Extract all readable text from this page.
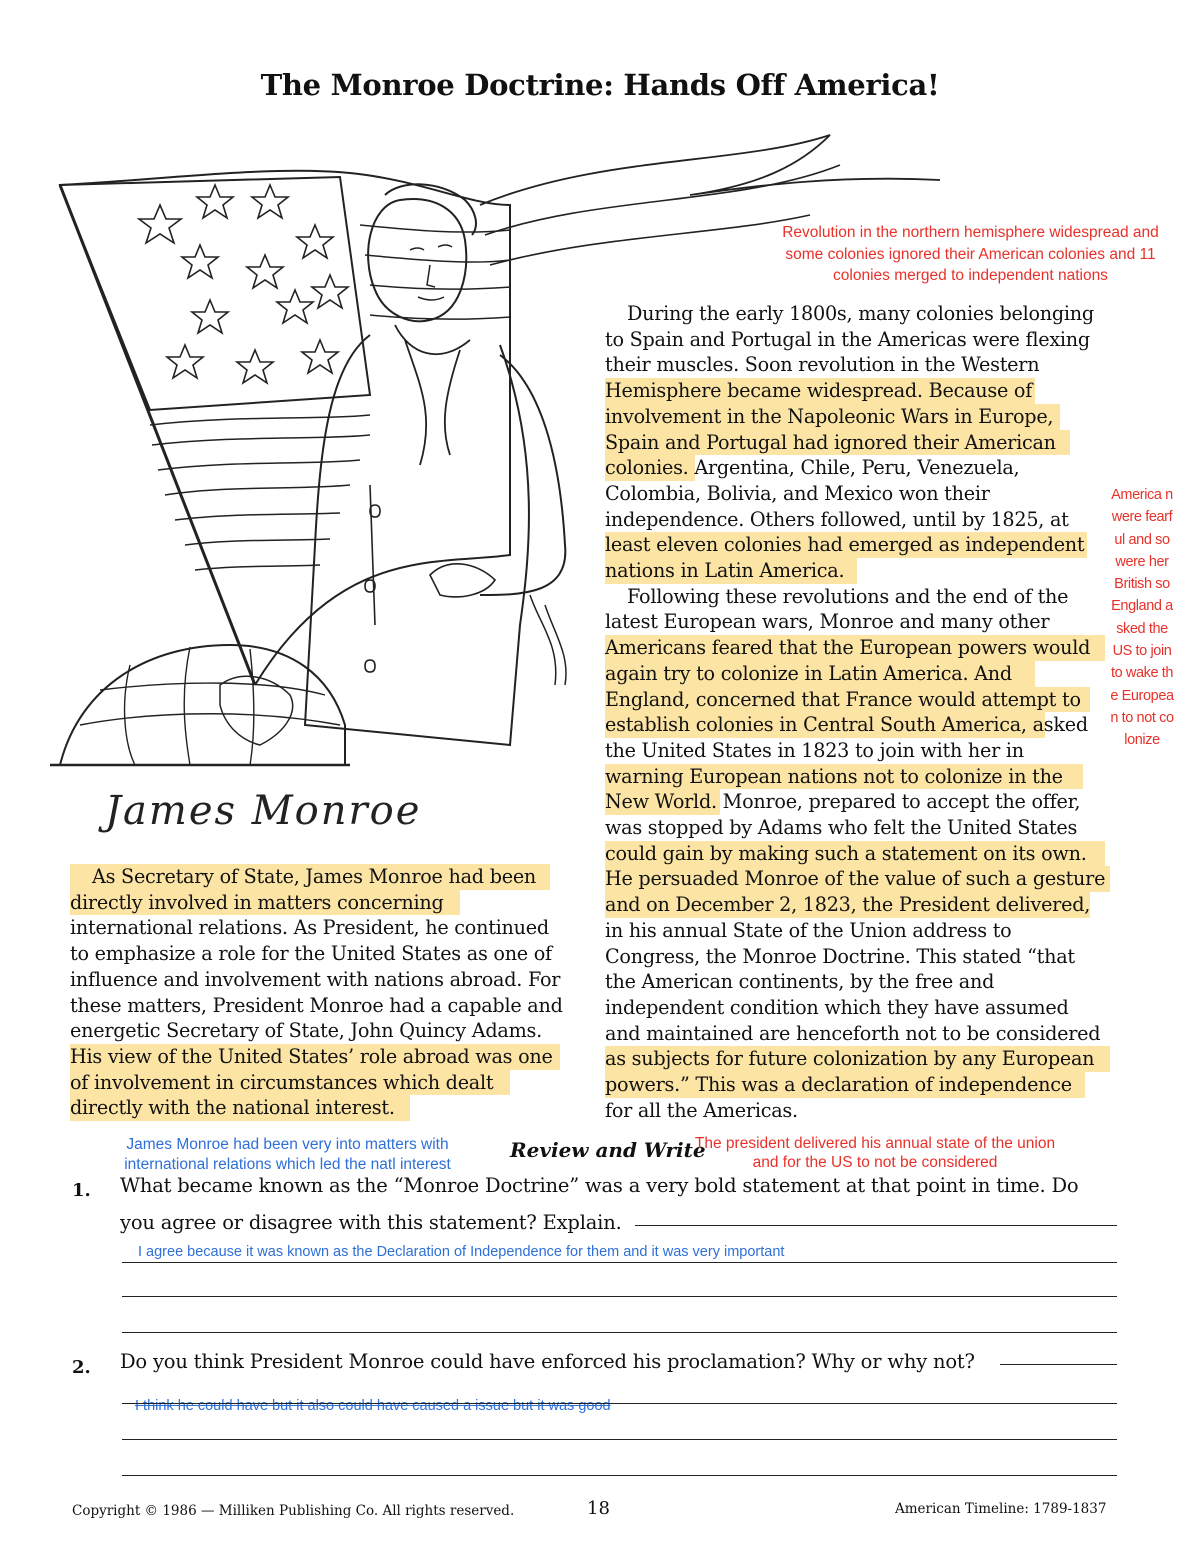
The Monroe Doctrine: Hands Off America!
James Monroe
Revolution in the northern hemisphere widespread and some colonies ignored their American colonies and 11 colonies merged to independent nations

During the early 1800s, many colonies belonging

to Spain and Portugal in the Americas were flexing

their muscles. Soon revolution in the Western

Hemisphere became widespread. Because of

involvement in the Napoleonic Wars in Europe,

Spain and Portugal had ignored their American

colonies. Argentina, Chile, Peru, Venezuela,

Colombia, Bolivia, and Mexico won their

independence. Others followed, until by 1825, at

least eleven colonies had emerged as independent

nations in Latin America.

Following these revolutions and the end of the

latest European wars, Monroe and many other

Americans feared that the European powers would

again try to colonize in Latin America. And

England, concerned that France would attempt to

establish colonies in Central South America, asked

the United States in 1823 to join with her in

warning European nations not to colonize in the

New World. Monroe, prepared to accept the offer,

was stopped by Adams who felt the United States

could gain by making such a statement on its own.

He persuaded Monroe of the value of such a gesture

and on December 2, 1823, the President delivered,

in his annual State of the Union address to

Congress, the Monroe Doctrine. This stated “that

the American continents, by the free and

independent condition which they have assumed

and maintained are henceforth not to be considered

as subjects for future colonization by any European

powers.” This was a declaration of independence

for all the Americas.

America n were fearful and so were her British so England asked the US to join to wake the Europea n to not colonize

As Secretary of State, James Monroe had been

directly involved in matters concerning

international relations. As President, he continued

to emphasize a role for the United States as one of

influence and involvement with nations abroad. For

these matters, President Monroe had a capable and

energetic Secretary of State, John Quincy Adams.

His view of the United States’ role abroad was one

of involvement in circumstances which dealt

directly with the national interest.

James Monroe had been very into matters with international relations which led the natl interest
Review and Write
The president delivered his annual state of the union and for the US to not be considered
1. What became known as the “Monroe Doctrine” was a very bold statement at that point in time. Do
you agree or disagree with this statement? Explain.
I agree because it was known as the Declaration of Independence for them and it was very important
2. Do you think President Monroe could have enforced his proclamation? Why or why not?
I think he could have but it also could have caused a issue but it was good
Copyright © 1986 — Milliken Publishing Co. All rights reserved.	18	American Timeline: 1789-1837
